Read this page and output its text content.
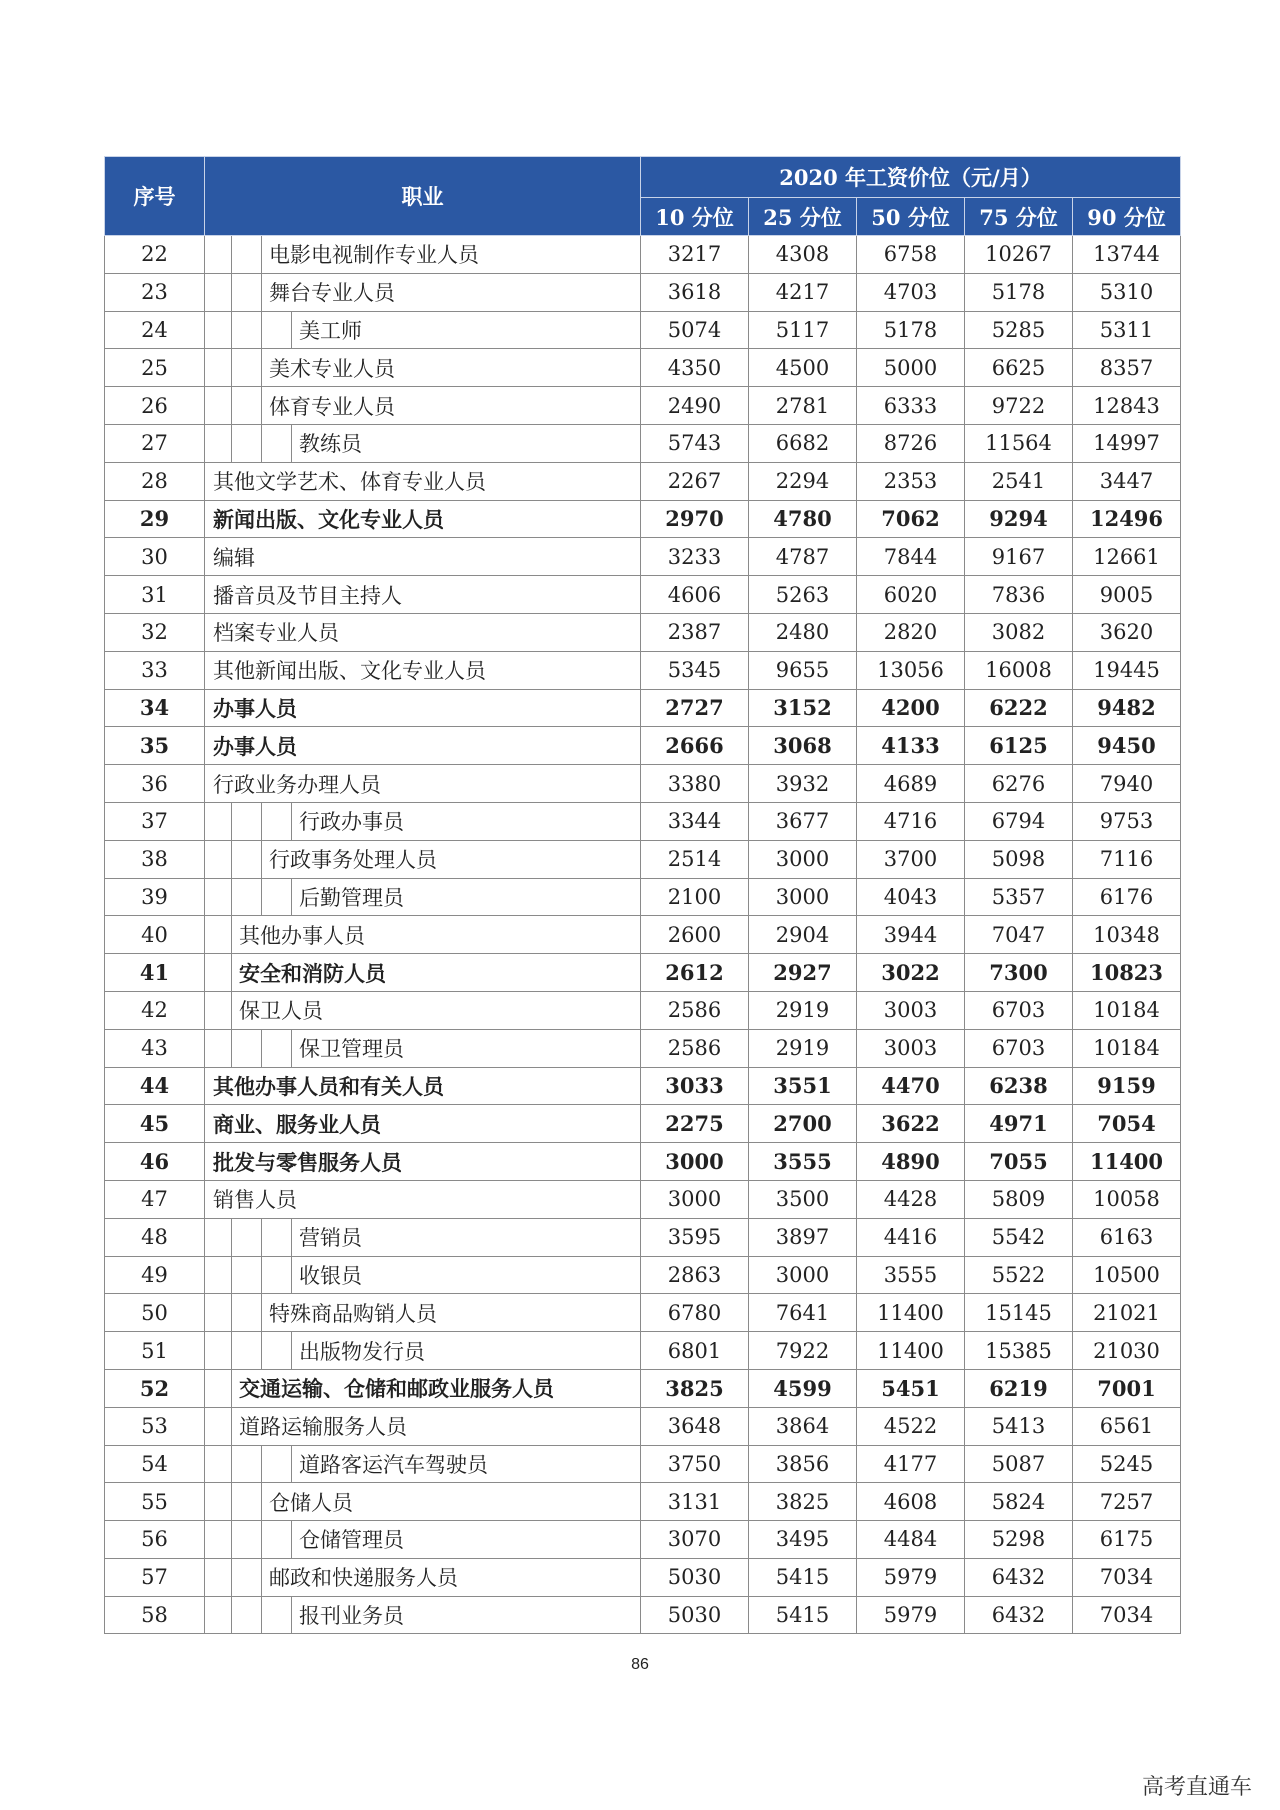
序号	职业	2020 年工资价位（元/月）				
		10 分位	25 分位	50 分位	75 分位	90 分位
22	电影电视制作专业人员	3217	4308	6758	10267	13744
23	舞台专业人员	3618	4217	4703	5178	5310
24	美工师	5074	5117	5178	5285	5311
25	美术专业人员	4350	4500	5000	6625	8357
26	体育专业人员	2490	2781	6333	9722	12843
27	教练员	5743	6682	8726	11564	14997
28	其他文学艺术、体育专业人员	2267	2294	2353	2541	3447
29	新闻出版、文化专业人员	2970	4780	7062	9294	12496
30	编辑	3233	4787	7844	9167	12661
31	播音员及节目主持人	4606	5263	6020	7836	9005
32	档案专业人员	2387	2480	2820	3082	3620
33	其他新闻出版、文化专业人员	5345	9655	13056	16008	19445
34	办事人员	2727	3152	4200	6222	9482
35	办事人员	2666	3068	4133	6125	9450
36	行政业务办理人员	3380	3932	4689	6276	7940
37	行政办事员	3344	3677	4716	6794	9753
38	行政事务处理人员	2514	3000	3700	5098	7116
39	后勤管理员	2100	3000	4043	5357	6176
40	其他办事人员	2600	2904	3944	7047	10348
41	安全和消防人员	2612	2927	3022	7300	10823
42	保卫人员	2586	2919	3003	6703	10184
43	保卫管理员	2586	2919	3003	6703	10184
44	其他办事人员和有关人员	3033	3551	4470	6238	9159
45	商业、服务业人员	2275	2700	3622	4971	7054
46	批发与零售服务人员	3000	3555	4890	7055	11400
47	销售人员	3000	3500	4428	5809	10058
48	营销员	3595	3897	4416	5542	6163
49	收银员	2863	3000	3555	5522	10500
50	特殊商品购销人员	6780	7641	11400	15145	21021
51	出版物发行员	6801	7922	11400	15385	21030
52	交通运输、仓储和邮政业服务人员	3825	4599	5451	6219	7001
53	道路运输服务人员	3648	3864	4522	5413	6561
54	道路客运汽车驾驶员	3750	3856	4177	5087	5245
55	仓储人员	3131	3825	4608	5824	7257
56	仓储管理员	3070	3495	4484	5298	6175
57	邮政和快递服务人员	5030	5415	5979	6432	7034
58	报刊业务员	5030	5415	5979	6432	7034
86
高考直通车
